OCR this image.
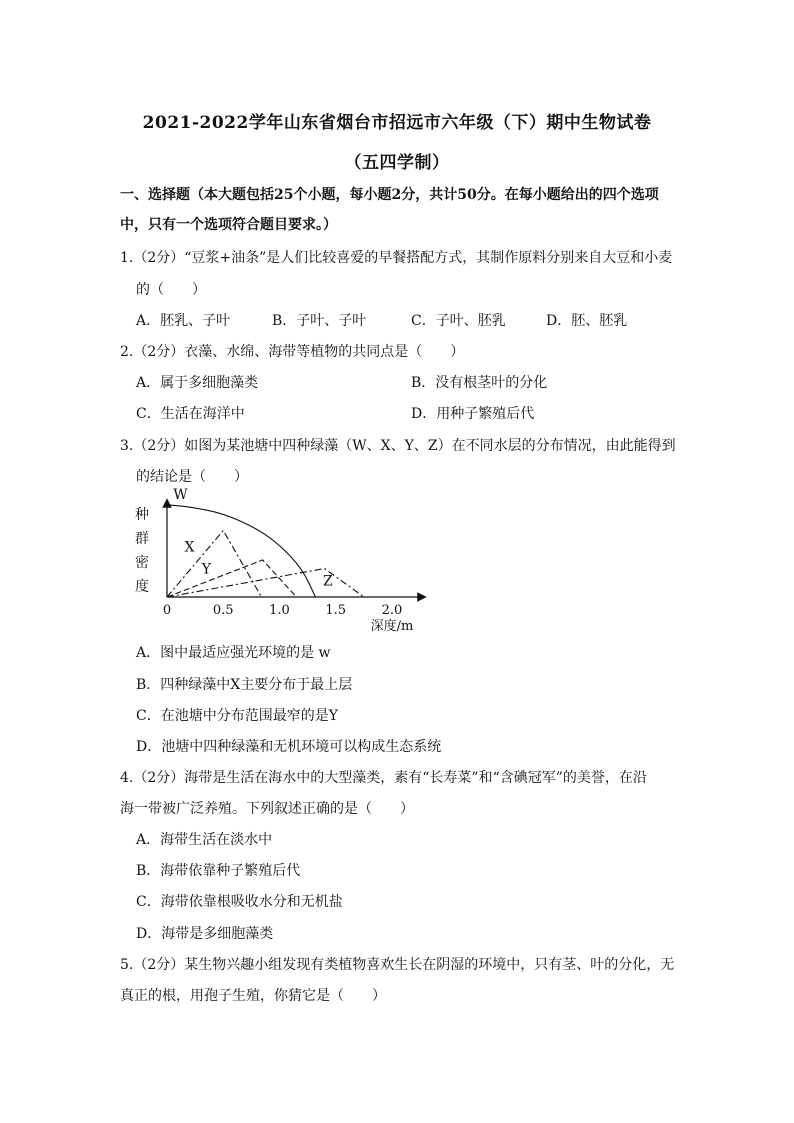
2021-2022学年山东省烟台市招远市六年级（下）期中生物试卷
（五四学制）
一、选择题（本大题包括25个小题，每小题2分，共计50分。在每小题给出的四个选项
中，只有一个选项符合题目要求。）
1.（2分）“豆浆+油条”是人们比较喜爱的早餐搭配方式，其制作原料分别来自大豆和小麦
的（　　）
A．胚乳、子叶	B．子叶、子叶	C．子叶、胚乳	D．胚、胚乳
2.（2分）衣藻、水绵、海带等植物的共同点是（　　）
A．属于多细胞藻类	B．没有根茎叶的分化
C．生活在海洋中	D．用种子繁殖后代
3.（2分）如图为某池塘中四种绿藻（W、X、Y、Z）在不同水层的分布情况，由此能得到
的结论是（　　）
种
群
密
度
0	0.5	1.0	1.5	2.0
深度/m
W
X
Y
Z
A．图中最适应强光环境的是 w
B．四种绿藻中X主要分布于最上层
C．在池塘中分布范围最窄的是Y
D．池塘中四种绿藻和无机环境可以构成生态系统
4.（2分）海带是生活在海水中的大型藻类，素有“长寿菜”和“含碘冠军”的美誉，在沿
海一带被广泛养殖。下列叙述正确的是（　　）
A．海带生活在淡水中
B．海带依靠种子繁殖后代
C．海带依靠根吸收水分和无机盐
D．海带是多细胞藻类
5.（2分）某生物兴趣小组发现有类植物喜欢生长在阴湿的环境中，只有茎、叶的分化，无
真正的根，用孢子生殖，你猜它是（　　）
